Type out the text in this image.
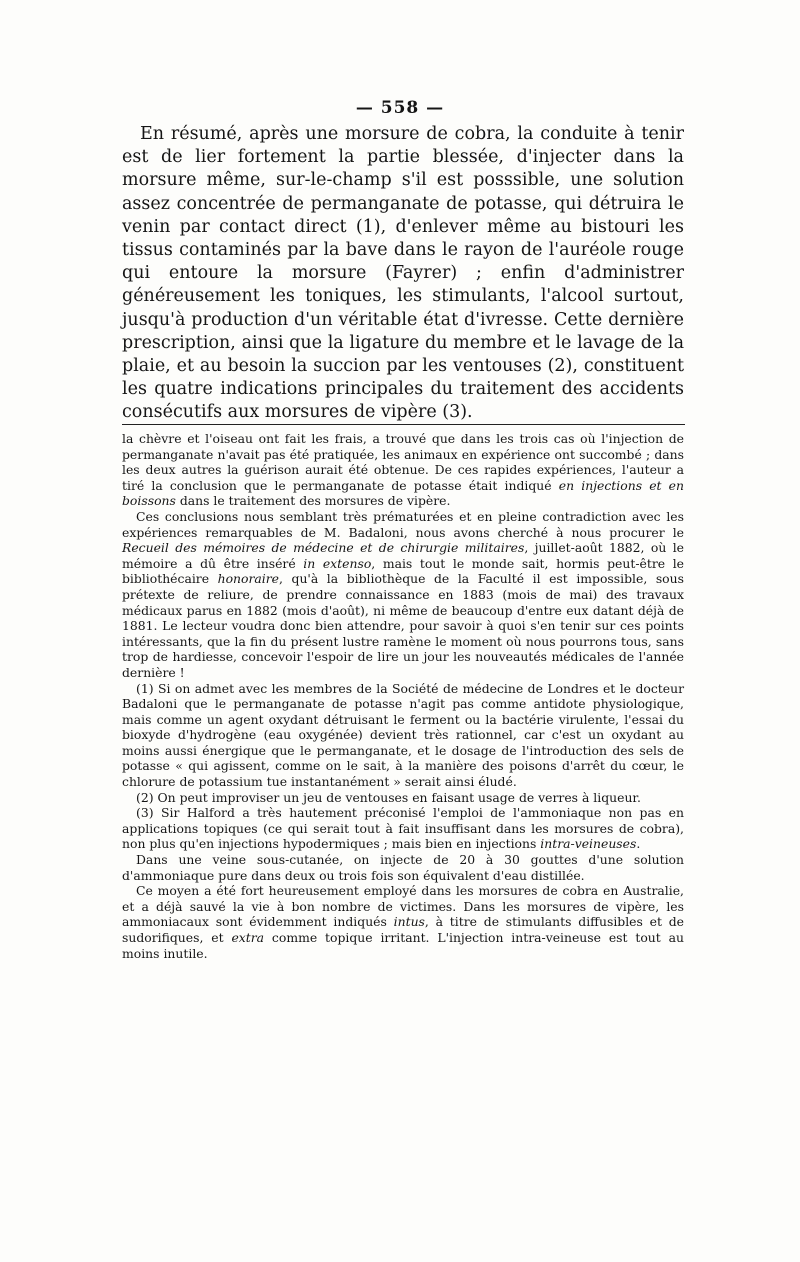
— 558 —

En résumé, après une morsure de cobra, la conduite à tenir est de lier fortement la partie blessée, d'injecter dans la morsure même, sur-le-champ s'il est posssible, une solution assez concentrée de permanganate de potasse, qui détruira le venin par contact direct (1), d'enlever même au bistouri les tissus contaminés par la bave dans le rayon de l'auréole rouge qui entoure la morsure (Fayrer) ; enfin d'administrer généreusement les toniques, les stimulants, l'alcool surtout, jusqu'à production d'un véritable état d'ivresse. Cette dernière prescription, ainsi que la ligature du membre et le lavage de la plaie, et au besoin la succion par les ventouses (2), constituent les quatre indications principales du traitement des accidents consécutifs aux morsures de vipère (3).

la chèvre et l'oiseau ont fait les frais, a trouvé que dans les trois cas où l'injection de permanganate n'avait pas été pratiquée, les animaux en expérience ont succombé ; dans les deux autres la guérison aurait été obtenue. De ces rapides expériences, l'auteur a tiré la conclusion que le permanganate de potasse était indiqué en injections et en boissons dans le traitement des morsures de vipère.

Ces conclusions nous semblant très prématurées et en pleine contradiction avec les expériences remarquables de M. Badaloni, nous avons cherché à nous procurer le Recueil des mémoires de médecine et de chirurgie militaires, juillet-août 1882, où le mémoire a dû être inséré in extenso, mais tout le monde sait, hormis peut-être le bibliothécaire honoraire, qu'à la bibliothèque de la Faculté il est impossible, sous prétexte de reliure, de prendre connaissance en 1883 (mois de mai) des travaux médicaux parus en 1882 (mois d'août), ni même de beaucoup d'entre eux datant déjà de 1881. Le lecteur voudra donc bien attendre, pour savoir à quoi s'en tenir sur ces points intéressants, que la fin du présent lustre ramène le moment où nous pourrons tous, sans trop de hardiesse, concevoir l'espoir de lire un jour les nouveautés médicales de l'année dernière !

(1) Si on admet avec les membres de la Société de médecine de Londres et le docteur Badaloni que le permanganate de potasse n'agit pas comme antidote physiologique, mais comme un agent oxydant détruisant le ferment ou la bactérie virulente, l'essai du bioxyde d'hydrogène (eau oxygénée) devient très rationnel, car c'est un oxydant au moins aussi énergique que le permanganate, et le dosage de l'introduction des sels de potasse « qui agissent, comme on le sait, à la manière des poisons d'arrêt du cœur, le chlorure de potassium tue instantanément » serait ainsi éludé.

(2) On peut improviser un jeu de ventouses en faisant usage de verres à liqueur.

(3) Sir Halford a très hautement préconisé l'emploi de l'ammoniaque non pas en applications topiques (ce qui serait tout à fait insuffisant dans les morsures de cobra), non plus qu'en injections hypodermiques ; mais bien en injections intra-veineuses.

Dans une veine sous-cutanée, on injecte de 20 à 30 gouttes d'une solution d'ammoniaque pure dans deux ou trois fois son équivalent d'eau distillée.

Ce moyen a été fort heureusement employé dans les morsures de cobra en Australie, et a déjà sauvé la vie à bon nombre de victimes. Dans les morsures de vipère, les ammoniacaux sont évidemment indiqués intus, à titre de stimulants diffusibles et de sudorifiques, et extra comme topique irritant. L'injection intra-veineuse est tout au moins inutile.
